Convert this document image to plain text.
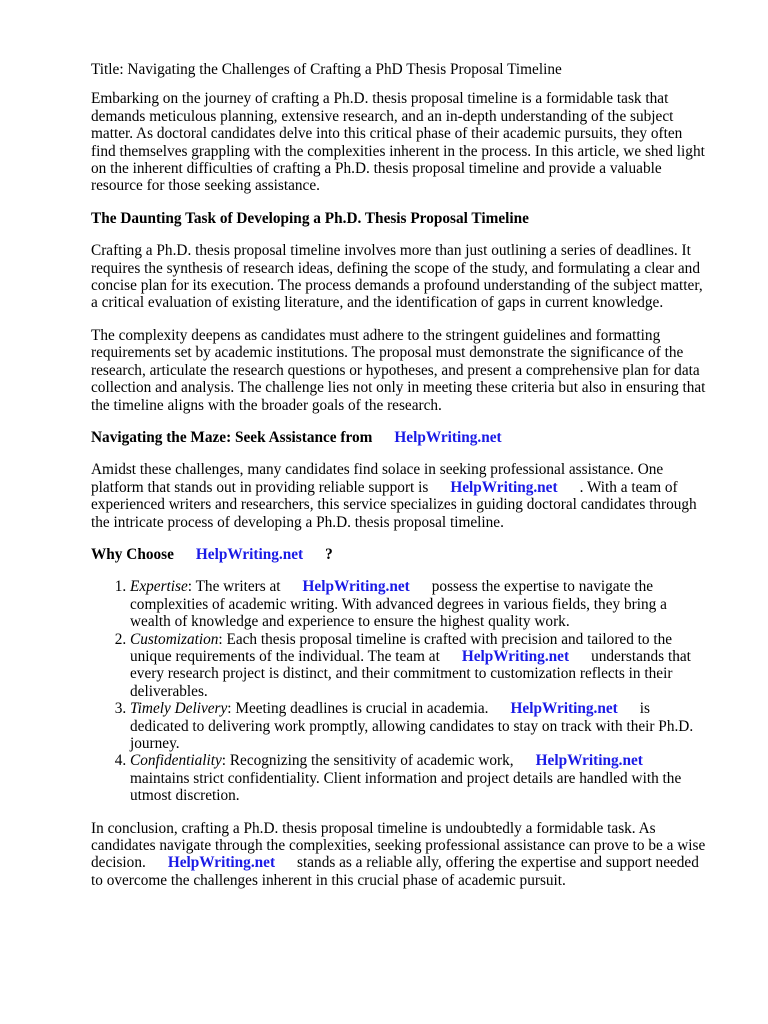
Title: Navigating the Challenges of Crafting a PhD Thesis Proposal Timeline

Embarking on the journey of crafting a Ph.D. thesis proposal timeline is a formidable task that demands meticulous planning, extensive research, and an in-depth understanding of the subject matter. As doctoral candidates delve into this critical phase of their academic pursuits, they often find themselves grappling with the complexities inherent in the process. In this article, we shed light on the inherent difficulties of crafting a Ph.D. thesis proposal timeline and provide a valuable resource for those seeking assistance.

The Daunting Task of Developing a Ph.D. Thesis Proposal Timeline

Crafting a Ph.D. thesis proposal timeline involves more than just outlining a series of deadlines. It requires the synthesis of research ideas, defining the scope of the study, and formulating a clear and concise plan for its execution. The process demands a profound understanding of the subject matter, a critical evaluation of existing literature, and the identification of gaps in current knowledge.

The complexity deepens as candidates must adhere to the stringent guidelines and formatting requirements set by academic institutions. The proposal must demonstrate the significance of the research, articulate the research questions or hypotheses, and present a comprehensive plan for data collection and analysis. The challenge lies not only in meeting these criteria but also in ensuring that the timeline aligns with the broader goals of the research.

Navigating the Maze: Seek Assistance from HelpWriting.net

Amidst these challenges, many candidates find solace in seeking professional assistance. One platform that stands out in providing reliable support is HelpWriting.net . With a team of experienced writers and researchers, this service specializes in guiding doctoral candidates through the intricate process of developing a Ph.D. thesis proposal timeline.

Why Choose HelpWriting.net ?
1. Expertise: The writers at HelpWriting.net possess the expertise to navigate the complexities of academic writing. With advanced degrees in various fields, they bring a wealth of knowledge and experience to ensure the highest quality work.
2. Customization: Each thesis proposal timeline is crafted with precision and tailored to the unique requirements of the individual. The team at HelpWriting.net understands that every research project is distinct, and their commitment to customization reflects in their deliverables.
3. Timely Delivery: Meeting deadlines is crucial in academia. HelpWriting.net is dedicated to delivering work promptly, allowing candidates to stay on track with their Ph.D. journey.
4. Confidentiality: Recognizing the sensitivity of academic work, HelpWriting.netmaintains strict confidentiality. Client information and project details are handled with the utmost discretion.

In conclusion, crafting a Ph.D. thesis proposal timeline is undoubtedly a formidable task. As candidates navigate through the complexities, seeking professional assistance can prove to be a wise decision. HelpWriting.net stands as a reliable ally, offering the expertise and support needed to overcome the challenges inherent in this crucial phase of academic pursuit.
